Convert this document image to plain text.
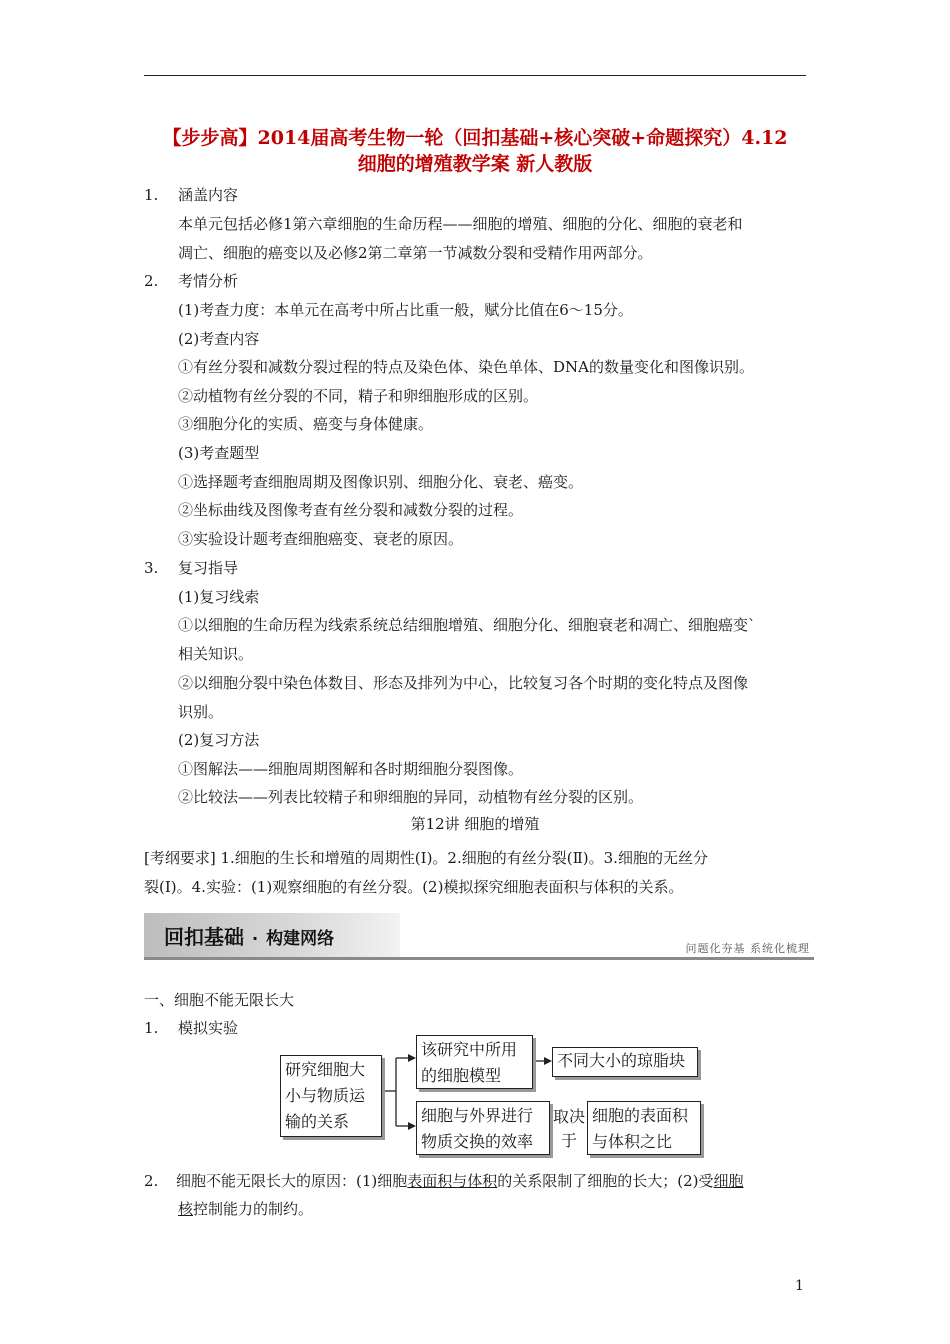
【步步高】2014届高考生物一轮（回扣基础+核心突破+命题探究）4.12
细胞的增殖教学案 新人教版
1. 涵盖内容
本单元包括必修1第六章细胞的生命历程——细胞的增殖、细胞的分化、细胞的衰老和
凋亡、细胞的癌变以及必修2第二章第一节减数分裂和受精作用两部分。
2. 考情分析
(1)考查力度：本单元在高考中所占比重一般，赋分比值在6～15分。
(2)考查内容
①有丝分裂和减数分裂过程的特点及染色体、染色单体、DNA的数量变化和图像识别。
②动植物有丝分裂的不同，精子和卵细胞形成的区别。
③细胞分化的实质、癌变与身体健康。
(3)考查题型
①选择题考查细胞周期及图像识别、细胞分化、衰老、癌变。
②坐标曲线及图像考查有丝分裂和减数分裂的过程。
③实验设计题考查细胞癌变、衰老的原因。
3. 复习指导
(1)复习线索
①以细胞的生命历程为线索系统总结细胞增殖、细胞分化、细胞衰老和凋亡、细胞癌变`
相关知识。
②以细胞分裂中染色体数目、形态及排列为中心，比较复习各个时期的变化特点及图像
识别。
(2)复习方法
①图解法——细胞周期图解和各时期细胞分裂图像。
②比较法——列表比较精子和卵细胞的异同，动植物有丝分裂的区别。
第12讲 细胞的增殖
[考纲要求] 1.细胞的生长和增殖的周期性(Ⅰ)。2.细胞的有丝分裂(Ⅱ)。3.细胞的无丝分
裂(Ⅰ)。4.实验：(1)观察细胞的有丝分裂。(2)模拟探究细胞表面积与体积的关系。
回扣基础 · 构建网络	问题化夯基 系统化梳理
一、细胞不能无限长大
1. 模拟实验
研究细胞大
小与物质运
输的关系
该研究中所用
的细胞模型
不同大小的琼脂块
细胞与外界进行
物质交换的效率
取决
于
细胞的表面积
与体积之比
2. 细胞不能无限长大的原因：(1)细胞表面积与体积的关系限制了细胞的长大；(2)受细胞
核控制能力的制约。
1
